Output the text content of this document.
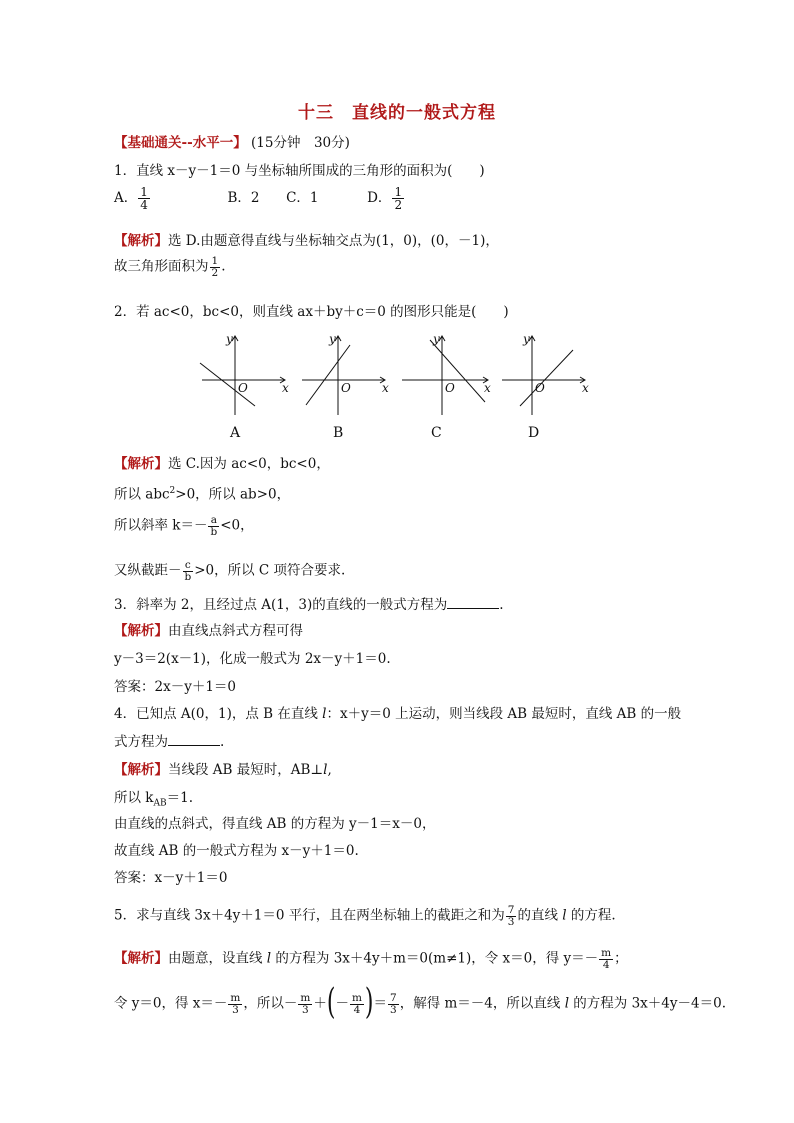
十三　直线的一般式方程
【基础通关--水平一】 (15分钟　30分)
1．直线 x－y－1＝0 与坐标轴所围成的三角形的面积为(　　)
A． $\frac{1}{4}$	B．2 C．1	D． $\frac{1}{2}$
【解析】选 D.由题意得直线与坐标轴交点为(1，0)，(0，－1)，
故三角形面积为 $\frac{1}{2}$ .
2．若 ac<0，bc<0，则直线 ax＋by＋c＝0 的图形只能是(　　)
y
x
O
y
x
O
y
x
O
y
x
O
A	B	C	D
【解析】选 C.因为 ac<0，bc<0，
所以 abc$^2$>0，所以 ab>0，
所以斜率 $k=- \frac{a}{b} <0$，
又纵截距－ $\frac{c}{b} >0$，所以 C 项符合要求.
3．斜率为 2，且经过点 A(1，3)的直线的一般式方程为	.
【解析】由直线点斜式方程可得
y－3＝2(x－1)，化成一般式为 2x－y＋1＝0.
答案：2x－y＋1＝0
4．已知点 A(0，1)，点 B 在直线 l：x＋y＝0 上运动，则当线段 AB 最短时，直线 AB 的一般
式方程为	.
【解析】当线段 AB 最短时，AB⊥l,
所以 $k_{AB}=1$.
由直线的点斜式，得直线 AB 的方程为 y－1＝x－0，
故直线 AB 的一般式方程为 x－y＋1＝0.
答案：x－y＋1＝0
5．求与直线 3x＋4y＋1＝0 平行，且在两坐标轴上的截距之和为 $\frac{7}{3}$ 的直线 l 的方程.
【解析】由题意，设直线 l 的方程为 3x＋4y＋m＝0(m≠1)，令 x＝0，得 $y=- \frac{m}{4}$ ；
令 y＝0，得 $x=- \frac{m}{3}$ ，所以－ $\frac{m}{3}$ ＋(－ $\frac{m}{4}$ )＝ $\frac{7}{3}$ ，解得 m＝－4，所以直线 l 的方程为 3x＋4y－4＝0.
